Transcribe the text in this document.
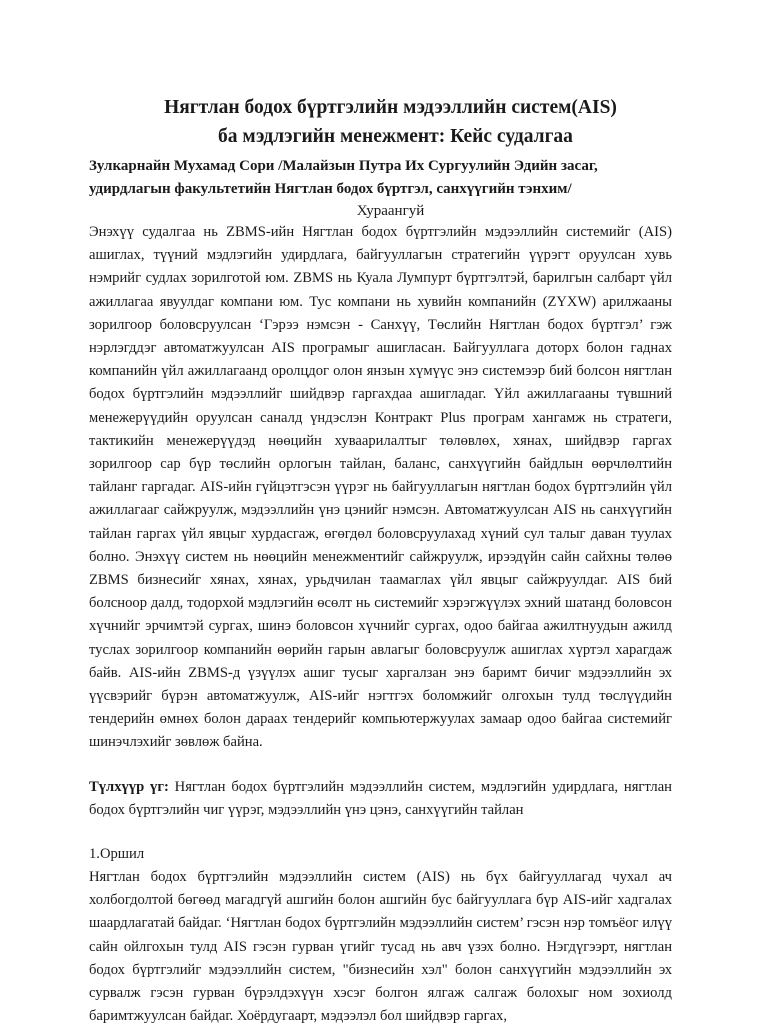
Нягтлан бодох бүртгэлийн мэдээллийн систем(AIS)
ба мэдлэгийн менежмент: Кейс судалгаа
Зулкарнайн Мухамад Сори /Малайзын Путра Их Сургуулийн Эдийн засаг,
удирдлагын факультетийн Нягтлан бодох бүртгэл, санхүүгийн тэнхим/
Хураангуй

Энэхүү судалгаа нь ZBMS-ийн Нягтлан бодох бүртгэлийн мэдээллийн системийг (AIS) ашиглах, түүний мэдлэгийн удирдлага, байгууллагын стратегийн үүрэгт оруулсан хувь нэмрийг судлах зорилготой юм. ZBMS нь Куала Лумпурт бүртгэлтэй, барилгын салбарт үйл ажиллагаа явуулдаг компани юм. Тус компани нь хувийн компанийн (ZYXW) арилжааны зорилгоор боловсруулсан ‘Гэрээ нэмсэн - Санхүү, Төслийн Нягтлан бодох бүртгэл’ гэж нэрлэгддэг автоматжуулсан AIS програмыг ашигласан. Байгууллага доторх болон гаднах компанийн үйл ажиллагаанд оролцдог олон янзын хүмүүс энэ системээр бий болсон нягтлан бодох бүртгэлийн мэдээллийг шийдвэр гаргахдаа ашигладаг. Үйл ажиллагааны түвшний менежерүүдийн оруулсан саналд үндэслэн Контракт Plus програм хангамж нь стратеги, тактикийн менежерүүдэд нөөцийн хуваарилалтыг төлөвлөх, хянах, шийдвэр гаргах зорилгоор сар бүр төслийн орлогын тайлан, баланс, санхүүгийн байдлын өөрчлөлтийн тайланг гаргадаг. AIS-ийн гүйцэтгэсэн үүрэг нь байгууллагын нягтлан бодох бүртгэлийн үйл ажиллагааг сайжруулж, мэдээллийн үнэ цэнийг нэмсэн. Автоматжуулсан AIS нь санхүүгийн тайлан гаргах үйл явцыг хурдасгаж, өгөгдөл боловсруулахад хүний сул талыг даван туулах болно. Энэхүү систем нь нөөцийн менежментийг сайжруулж, ирээдүйн сайн сайхны төлөө ZBMS бизнесийг хянах, хянах, урьдчилан таамаглах үйл явцыг сайжруулдаг. AIS бий болсноор далд, тодорхой мэдлэгийн өсөлт нь системийг хэрэгжүүлэх эхний шатанд боловсон хүчнийг эрчимтэй сургах, шинэ боловсон хүчнийг сургах, одоо байгаа ажилтнуудын ажилд туслах зорилгоор компанийн өөрийн гарын авлагыг боловсруулж ашиглах хүртэл харагдаж байв. AIS-ийн ZBMS-д үзүүлэх ашиг тусыг харгалзан энэ баримт бичиг мэдээллийн эх үүсвэрийг бүрэн автоматжуулж, AIS-ийг нэгтгэх боломжийг олгохын тулд төслүүдийн тендерийн өмнөх болон дараах тендерийг компьютержуулах замаар одоо байгаа системийг шинэчлэхийг зөвлөж байна.

Түлхүүр үг: Нягтлан бодох бүртгэлийн мэдээллийн систем, мэдлэгийн удирдлага, нягтлан бодох бүртгэлийн чиг үүрэг, мэдээллийн үнэ цэнэ, санхүүгийн тайлан

1.Оршил

Нягтлан бодох бүртгэлийн мэдээллийн систем (AIS) нь бүх байгууллагад чухал ач холбогдолтой бөгөөд магадгүй ашгийн болон ашгийн бус байгууллага бүр AIS-ийг хадгалах шаардлагатай байдаг. ‘Нягтлан бодох бүртгэлийн мэдээллийн систем’ гэсэн нэр томъёог илүү сайн ойлгохын тулд AIS гэсэн гурван үгийг тусад нь авч үзэх болно. Нэгдүгээрт, нягтлан бодох бүртгэлийг мэдээллийн систем, "бизнесийн хэл" болон санхүүгийн мэдээллийн эх сурвалж гэсэн гурван бүрэлдэхүүн хэсэг болгон ялгаж салгаж болохыг ном зохиолд баримтжуулсан байдаг. Хоёрдугаарт, мэдээлэл бол шийдвэр гаргах,
